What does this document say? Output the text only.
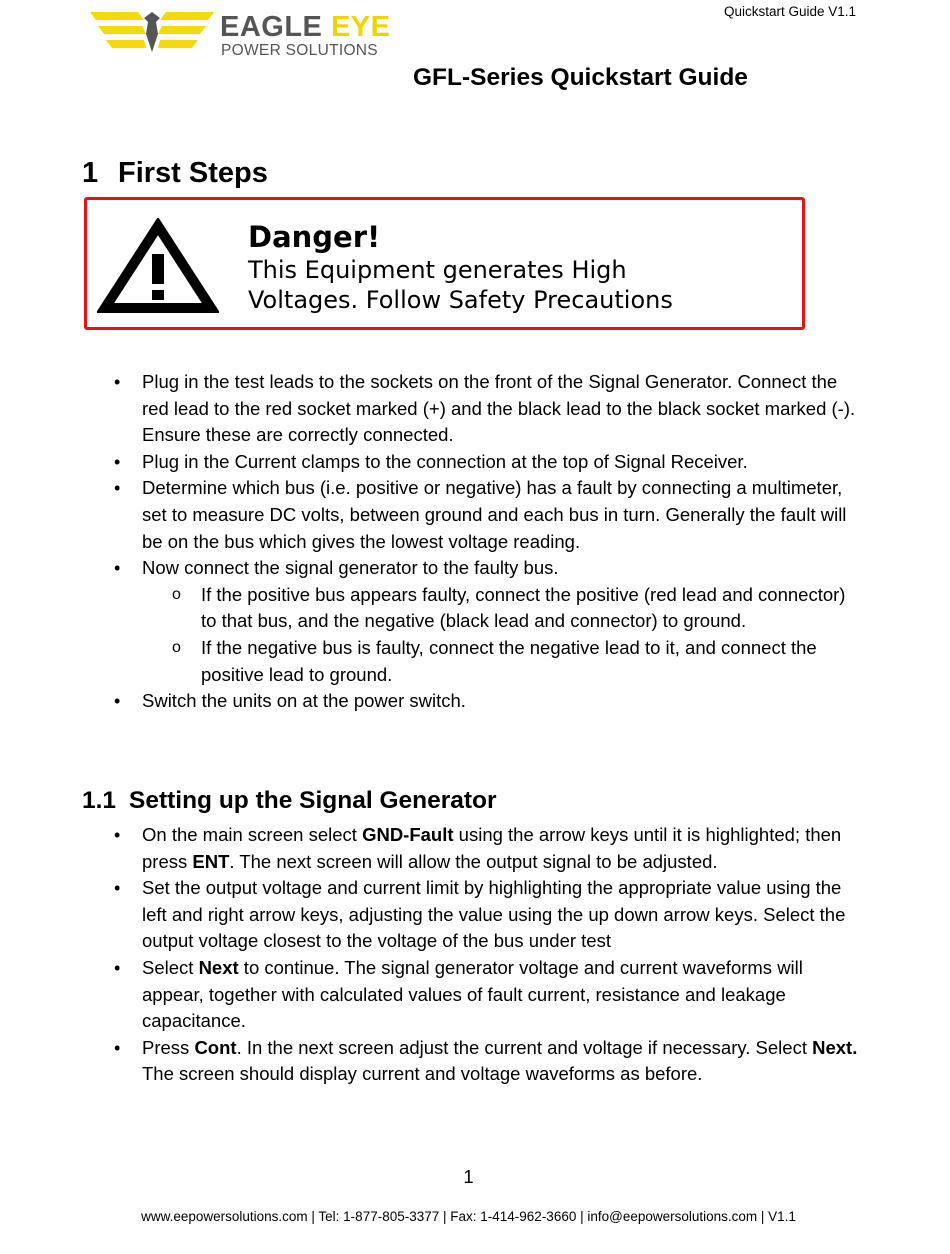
EAGLE EYE
POWER SOLUTIONS
Quickstart Guide V1.1
GFL-Series Quickstart Guide
1 First Steps
Danger!
This Equipment generates High
Voltages. Follow Safety Precautions
• Plug in the test leads to the sockets on the front of the Signal Generator. Connect the red lead to the red socket marked (+) and the black lead to the black socket marked (-). Ensure these are correctly connected.
• Plug in the Current clamps to the connection at the top of Signal Receiver.
• Determine which bus (i.e. positive or negative) has a fault by connecting a multimeter, set to measure DC volts, between ground and each bus in turn. Generally the fault will be on the bus which gives the lowest voltage reading.
• Now connect the signal generator to the faulty bus.
o If the positive bus appears faulty, connect the positive (red lead and connector) to that bus, and the negative (black lead and connector) to ground.
o If the negative bus is faulty, connect the negative lead to it, and connect the positive lead to ground.
• Switch the units on at the power switch.
1.1 Setting up the Signal Generator
• On the main screen select GND-Fault using the arrow keys until it is highlighted; then press ENT. The next screen will allow the output signal to be adjusted.
• Set the output voltage and current limit by highlighting the appropriate value using the left and right arrow keys, adjusting the value using the up down arrow keys. Select the output voltage closest to the voltage of the bus under test
• Select Next to continue. The signal generator voltage and current waveforms will appear, together with calculated values of fault current, resistance and leakage capacitance.
• Press Cont. In the next screen adjust the current and voltage if necessary. Select Next. The screen should display current and voltage waveforms as before.
1
www.eepowersolutions.com | Tel: 1-877-805-3377 | Fax: 1-414-962-3660 | info@eepowersolutions.com | V1.1
